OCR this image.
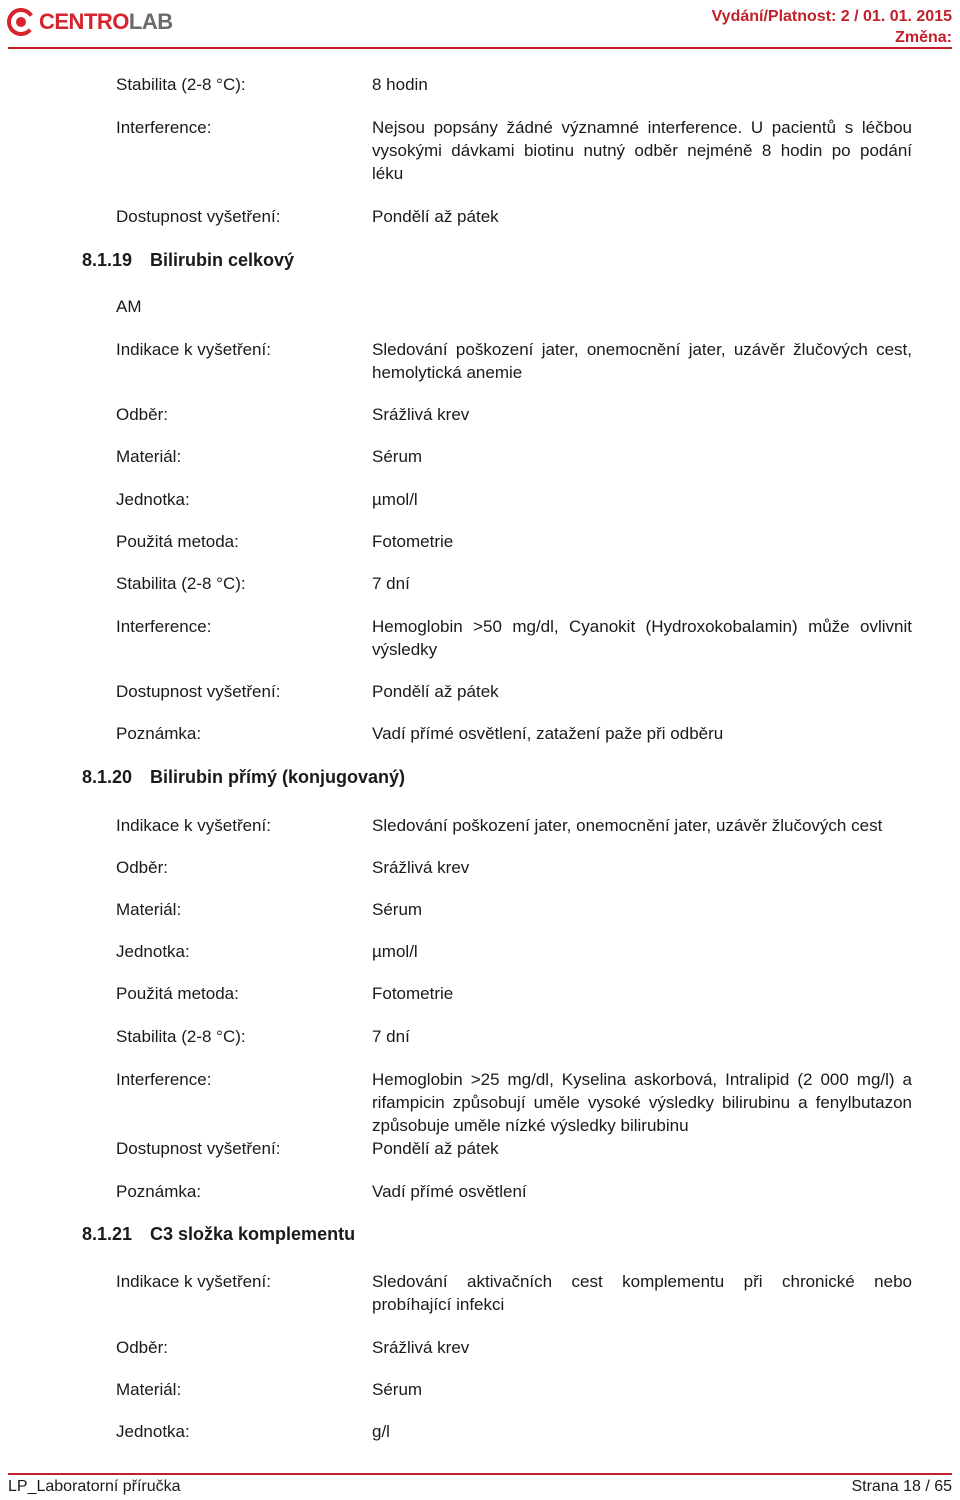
CENTROLAB	Vydání/Platnost: 2 / 01. 01. 2015
Změna:
Stabilita (2-8 °C):	8 hodin
Interference:	Nejsou popsány žádné významné interference. U pacientů s léčbou
vysokými dávkami biotinu nutný odběr nejméně 8 hodin po podání
léku
Dostupnost vyšetření:	Pondělí až pátek
8.1.19 Bilirubin celkový
AM
Indikace k vyšetření:	Sledování poškození jater, onemocnění jater, uzávěr žlučových cest,
hemolytická anemie
Odběr:	Srážlivá krev
Materiál:	Sérum
Jednotka:	µmol/l
Použitá metoda:	Fotometrie
Stabilita (2-8 °C):	7 dní
Interference:	Hemoglobin >50 mg/dl, Cyanokit (Hydroxokobalamin) může ovlivnit
výsledky
Dostupnost vyšetření:	Pondělí až pátek
Poznámka:	Vadí přímé osvětlení, zatažení paže při odběru
8.1.20 Bilirubin přímý (konjugovaný)
Indikace k vyšetření:	Sledování poškození jater, onemocnění jater, uzávěr žlučových cest
Odběr:	Srážlivá krev
Materiál:	Sérum
Jednotka:	µmol/l
Použitá metoda:	Fotometrie
Stabilita (2-8 °C):	7 dní
Interference:	Hemoglobin >25 mg/dl, Kyselina askorbová, Intralipid (2 000 mg/l) a
rifampicin způsobují uměle vysoké výsledky bilirubinu a fenylbutazon
způsobuje uměle nízké výsledky bilirubinu
Dostupnost vyšetření:	Pondělí až pátek
Poznámka:	Vadí přímé osvětlení
8.1.21 C3 složka komplementu
Indikace k vyšetření:	Sledování aktivačních cest komplementu při chronické nebo
probíhající infekci
Odběr:	Srážlivá krev
Materiál:	Sérum
Jednotka:	g/l
LP_Laboratorní příručka	Strana 18 / 65
